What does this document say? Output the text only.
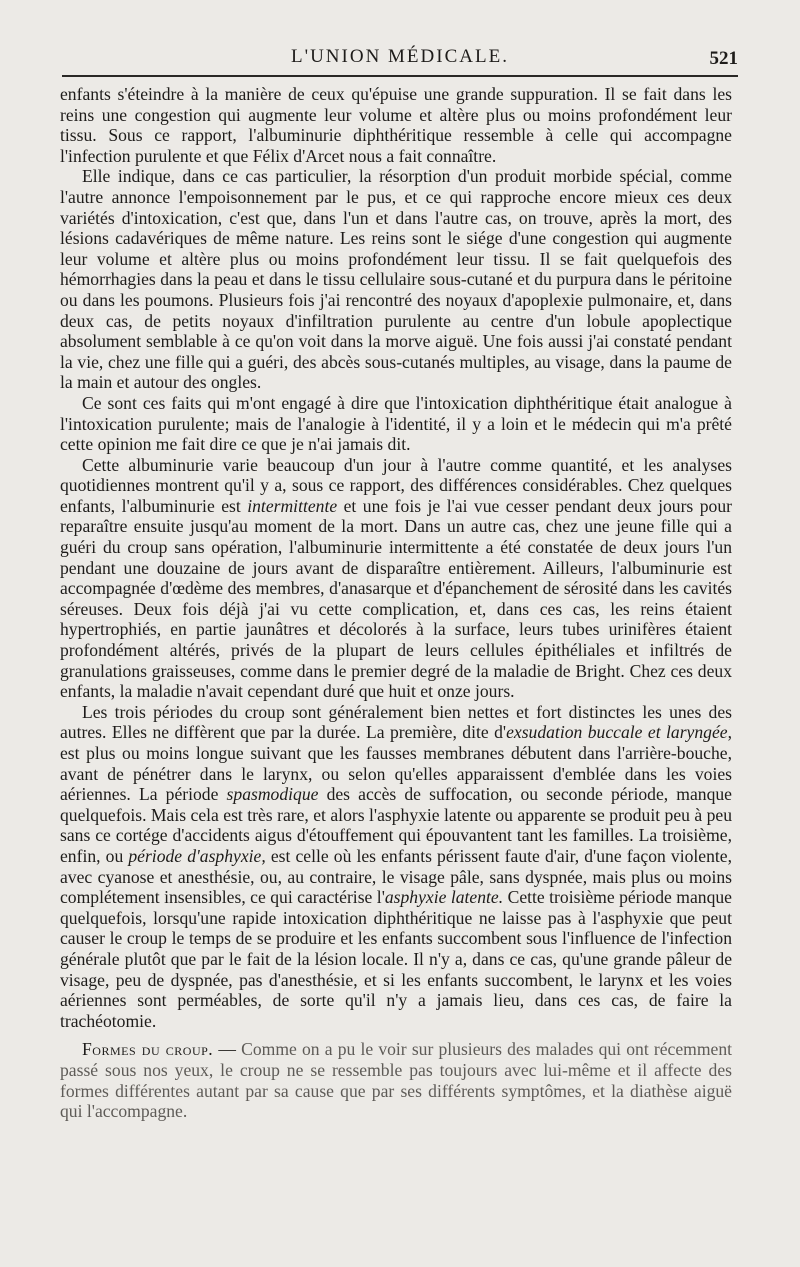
L'UNION MÉDICALE.	521

enfants s'éteindre à la manière de ceux qu'épuise une grande suppuration. Il se fait dans les reins une congestion qui augmente leur volume et altère plus ou moins profondément leur tissu. Sous ce rapport, l'albuminurie diphthéritique ressemble à celle qui accompagne l'infection purulente et que Félix d'Arcet nous a fait connaître.

Elle indique, dans ce cas particulier, la résorption d'un produit morbide spécial, comme l'autre annonce l'empoisonnement par le pus, et ce qui rapproche encore mieux ces deux variétés d'intoxication, c'est que, dans l'un et dans l'autre cas, on trouve, après la mort, des lésions cadavériques de même nature. Les reins sont le siége d'une congestion qui augmente leur volume et altère plus ou moins profondément leur tissu. Il se fait quelquefois des hémorrhagies dans la peau et dans le tissu cellulaire sous-cutané et du purpura dans le péritoine ou dans les poumons. Plusieurs fois j'ai rencontré des noyaux d'apoplexie pulmonaire, et, dans deux cas, de petits noyaux d'infiltration purulente au centre d'un lobule apoplectique absolument semblable à ce qu'on voit dans la morve aiguë. Une fois aussi j'ai constaté pendant la vie, chez une fille qui a guéri, des abcès sous-cutanés multiples, au visage, dans la paume de la main et autour des ongles.

Ce sont ces faits qui m'ont engagé à dire que l'intoxication diphthéritique était analogue à l'intoxication purulente; mais de l'analogie à l'identité, il y a loin et le médecin qui m'a prêté cette opinion me fait dire ce que je n'ai jamais dit.

Cette albuminurie varie beaucoup d'un jour à l'autre comme quantité, et les analyses quotidiennes montrent qu'il y a, sous ce rapport, des différences considérables. Chez quelques enfants, l'albuminurie est intermittente et une fois je l'ai vue cesser pendant deux jours pour reparaître ensuite jusqu'au moment de la mort. Dans un autre cas, chez une jeune fille qui a guéri du croup sans opération, l'albuminurie intermittente a été constatée de deux jours l'un pendant une douzaine de jours avant de disparaître entièrement. Ailleurs, l'albuminurie est accompagnée d'œdème des membres, d'anasarque et d'épanchement de sérosité dans les cavités séreuses. Deux fois déjà j'ai vu cette complication, et, dans ces cas, les reins étaient hypertrophiés, en partie jaunâtres et décolorés à la surface, leurs tubes urinifères étaient profondément altérés, privés de la plupart de leurs cellules épithéliales et infiltrés de granulations graisseuses, comme dans le premier degré de la maladie de Bright. Chez ces deux enfants, la maladie n'avait cependant duré que huit et onze jours.

Les trois périodes du croup sont généralement bien nettes et fort distinctes les unes des autres. Elles ne diffèrent que par la durée. La première, dite d'exsudation buccale et laryngée, est plus ou moins longue suivant que les fausses membranes débutent dans l'arrière-bouche, avant de pénétrer dans le larynx, ou selon qu'elles apparaissent d'emblée dans les voies aériennes. La période spasmodique des accès de suffocation, ou seconde période, manque quelquefois. Mais cela est très rare, et alors l'asphyxie latente ou apparente se produit peu à peu sans ce cortége d'accidents aigus d'étouffement qui épouvantent tant les familles. La troisième, enfin, ou période d'asphyxie, est celle où les enfants périssent faute d'air, d'une façon violente, avec cyanose et anesthésie, ou, au contraire, le visage pâle, sans dyspnée, mais plus ou moins complétement insensibles, ce qui caractérise l'asphyxie latente. Cette troisième période manque quelquefois, lorsqu'une rapide intoxication diphthéritique ne laisse pas à l'asphyxie que peut causer le croup le temps de se produire et les enfants succombent sous l'influence de l'infection générale plutôt que par le fait de la lésion locale. Il n'y a, dans ce cas, qu'une grande pâleur de visage, peu de dyspnée, pas d'anesthésie, et si les enfants succombent, le larynx et les voies aériennes sont perméables, de sorte qu'il n'y a jamais lieu, dans ces cas, de faire la trachéotomie.

Formes du croup. — Comme on a pu le voir sur plusieurs des malades qui ont récemment passé sous nos yeux, le croup ne se ressemble pas toujours avec lui-même et il affecte des formes différentes autant par sa cause que par ses différents symptômes, et la diathèse aiguë qui l'accompagne.
